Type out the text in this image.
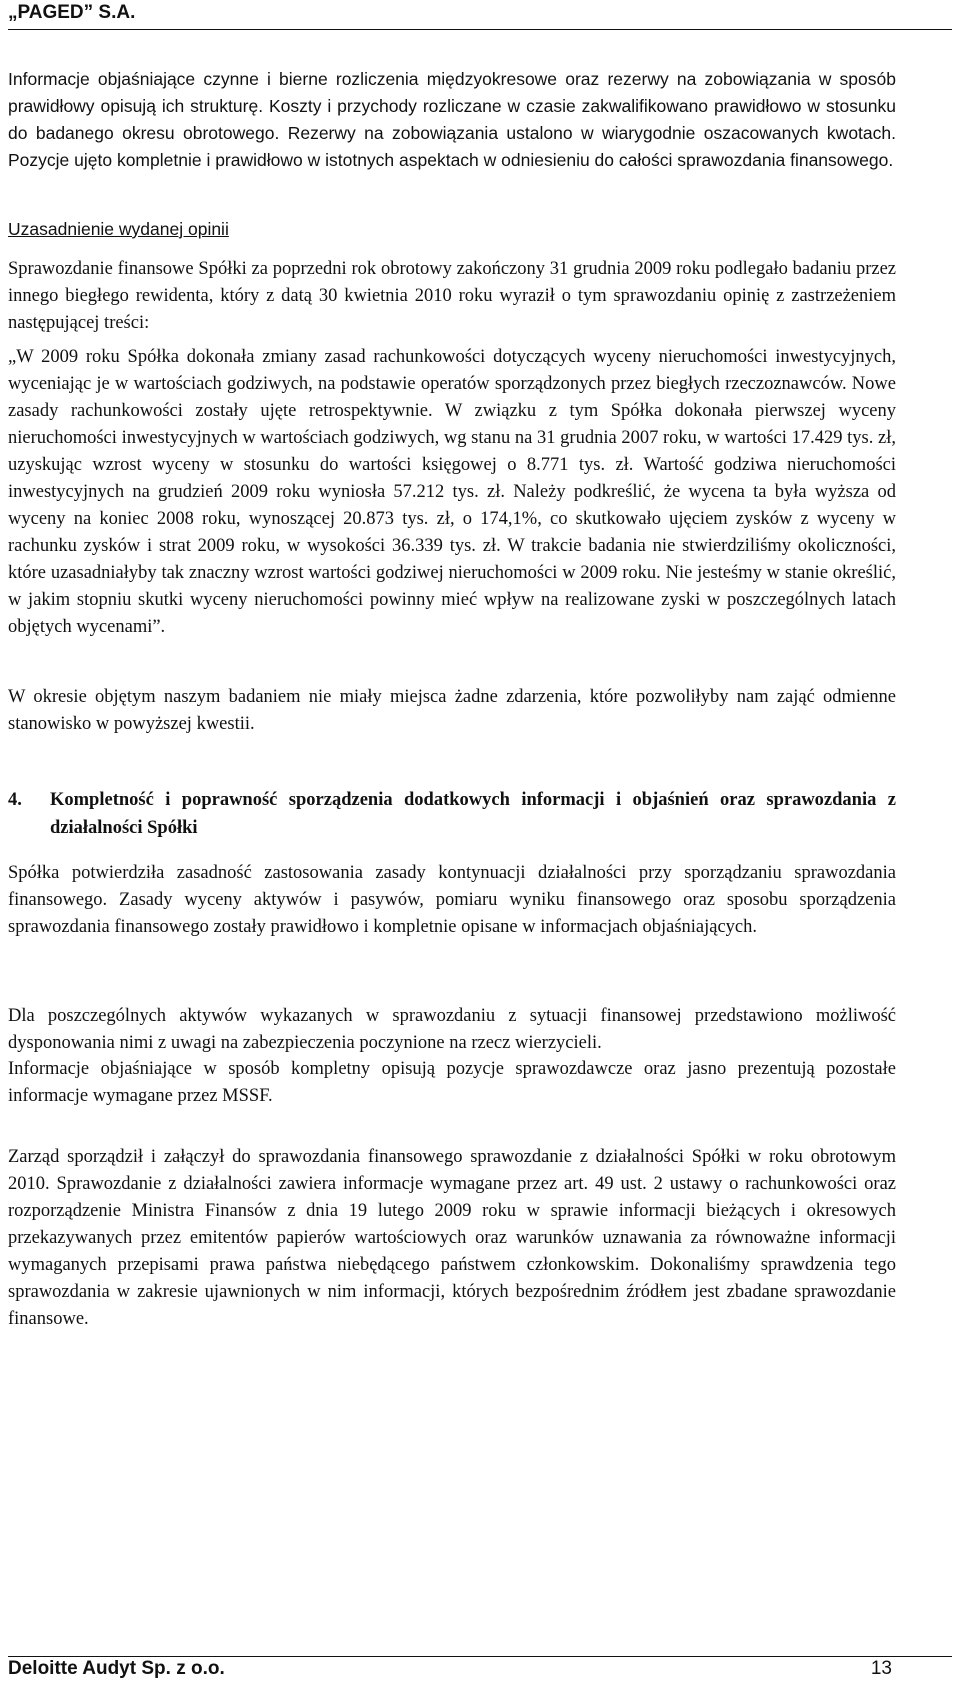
„PAGED” S.A.

Informacje objaśniające czynne i bierne rozliczenia międzyokresowe oraz rezerwy na zobowiązania w sposób prawidłowy opisują ich strukturę. Koszty i przychody rozliczane w czasie zakwalifikowano prawidłowo w stosunku do badanego okresu obrotowego. Rezerwy na zobowiązania ustalono w wiarygodnie oszacowanych kwotach. Pozycje ujęto kompletnie i prawidłowo w istotnych aspektach w odniesieniu do całości sprawozdania finansowego.

Uzasadnienie wydanej opinii

Sprawozdanie finansowe Spółki za poprzedni rok obrotowy zakończony 31 grudnia 2009 roku podlegało badaniu przez innego biegłego rewidenta, który z datą 30 kwietnia 2010 roku wyraził o tym sprawozdaniu opinię z zastrzeżeniem następującej treści:

„W 2009 roku Spółka dokonała zmiany zasad rachunkowości dotyczących wyceny nieruchomości inwestycyjnych, wyceniając je w wartościach godziwych, na podstawie operatów sporządzonych przez biegłych rzeczoznawców. Nowe zasady rachunkowości zostały ujęte retrospektywnie. W związku z tym Spółka dokonała pierwszej wyceny nieruchomości inwestycyjnych w wartościach godziwych, wg stanu na 31 grudnia 2007 roku, w wartości 17.429 tys. zł, uzyskując wzrost wyceny w stosunku do wartości księgowej o 8.771 tys. zł. Wartość godziwa nieruchomości inwestycyjnych na grudzień 2009 roku wyniosła 57.212 tys. zł. Należy podkreślić, że wycena ta była wyższa od wyceny na koniec 2008 roku, wynoszącej 20.873 tys. zł, o 174,1%, co skutkowało ujęciem zysków z wyceny w rachunku zysków i strat 2009 roku, w wysokości 36.339 tys. zł. W trakcie badania nie stwierdziliśmy okoliczności, które uzasadniałyby tak znaczny wzrost wartości godziwej nieruchomości w 2009 roku. Nie jesteśmy w stanie określić, w jakim stopniu skutki wyceny nieruchomości powinny mieć wpływ na realizowane zyski w poszczególnych latach objętych wycenami”.

W okresie objętym naszym badaniem nie miały miejsca żadne zdarzenia, które pozwoliłyby nam zająć odmienne stanowisko w powyższej kwestii.

4. Kompletność i poprawność sporządzenia dodatkowych informacji i objaśnień oraz sprawozdania z działalności Spółki

Spółka potwierdziła zasadność zastosowania zasady kontynuacji działalności przy sporządzaniu sprawozdania finansowego. Zasady wyceny aktywów i pasywów, pomiaru wyniku finansowego oraz sposobu sporządzenia sprawozdania finansowego zostały prawidłowo i kompletnie opisane w informacjach objaśniających.

Dla poszczególnych aktywów wykazanych w sprawozdaniu z sytuacji finansowej przedstawiono możliwość dysponowania nimi z uwagi na zabezpieczenia poczynione na rzecz wierzycieli.

Informacje objaśniające w sposób kompletny opisują pozycje sprawozdawcze oraz jasno prezentują pozostałe informacje wymagane przez MSSF.

Zarząd sporządził i załączył do sprawozdania finansowego sprawozdanie z działalności Spółki w roku obrotowym 2010. Sprawozdanie z działalności zawiera informacje wymagane przez art. 49 ust. 2 ustawy o rachunkowości oraz rozporządzenie Ministra Finansów z dnia 19 lutego 2009 roku w sprawie informacji bieżących i okresowych przekazywanych przez emitentów papierów wartościowych oraz warunków uznawania za równoważne informacji wymaganych przepisami prawa państwa niebędącego państwem członkowskim. Dokonaliśmy sprawdzenia tego sprawozdania w zakresie ujawnionych w nim informacji, których bezpośrednim źródłem jest zbadane sprawozdanie finansowe.

Deloitte Audyt Sp. z o.o.	13
